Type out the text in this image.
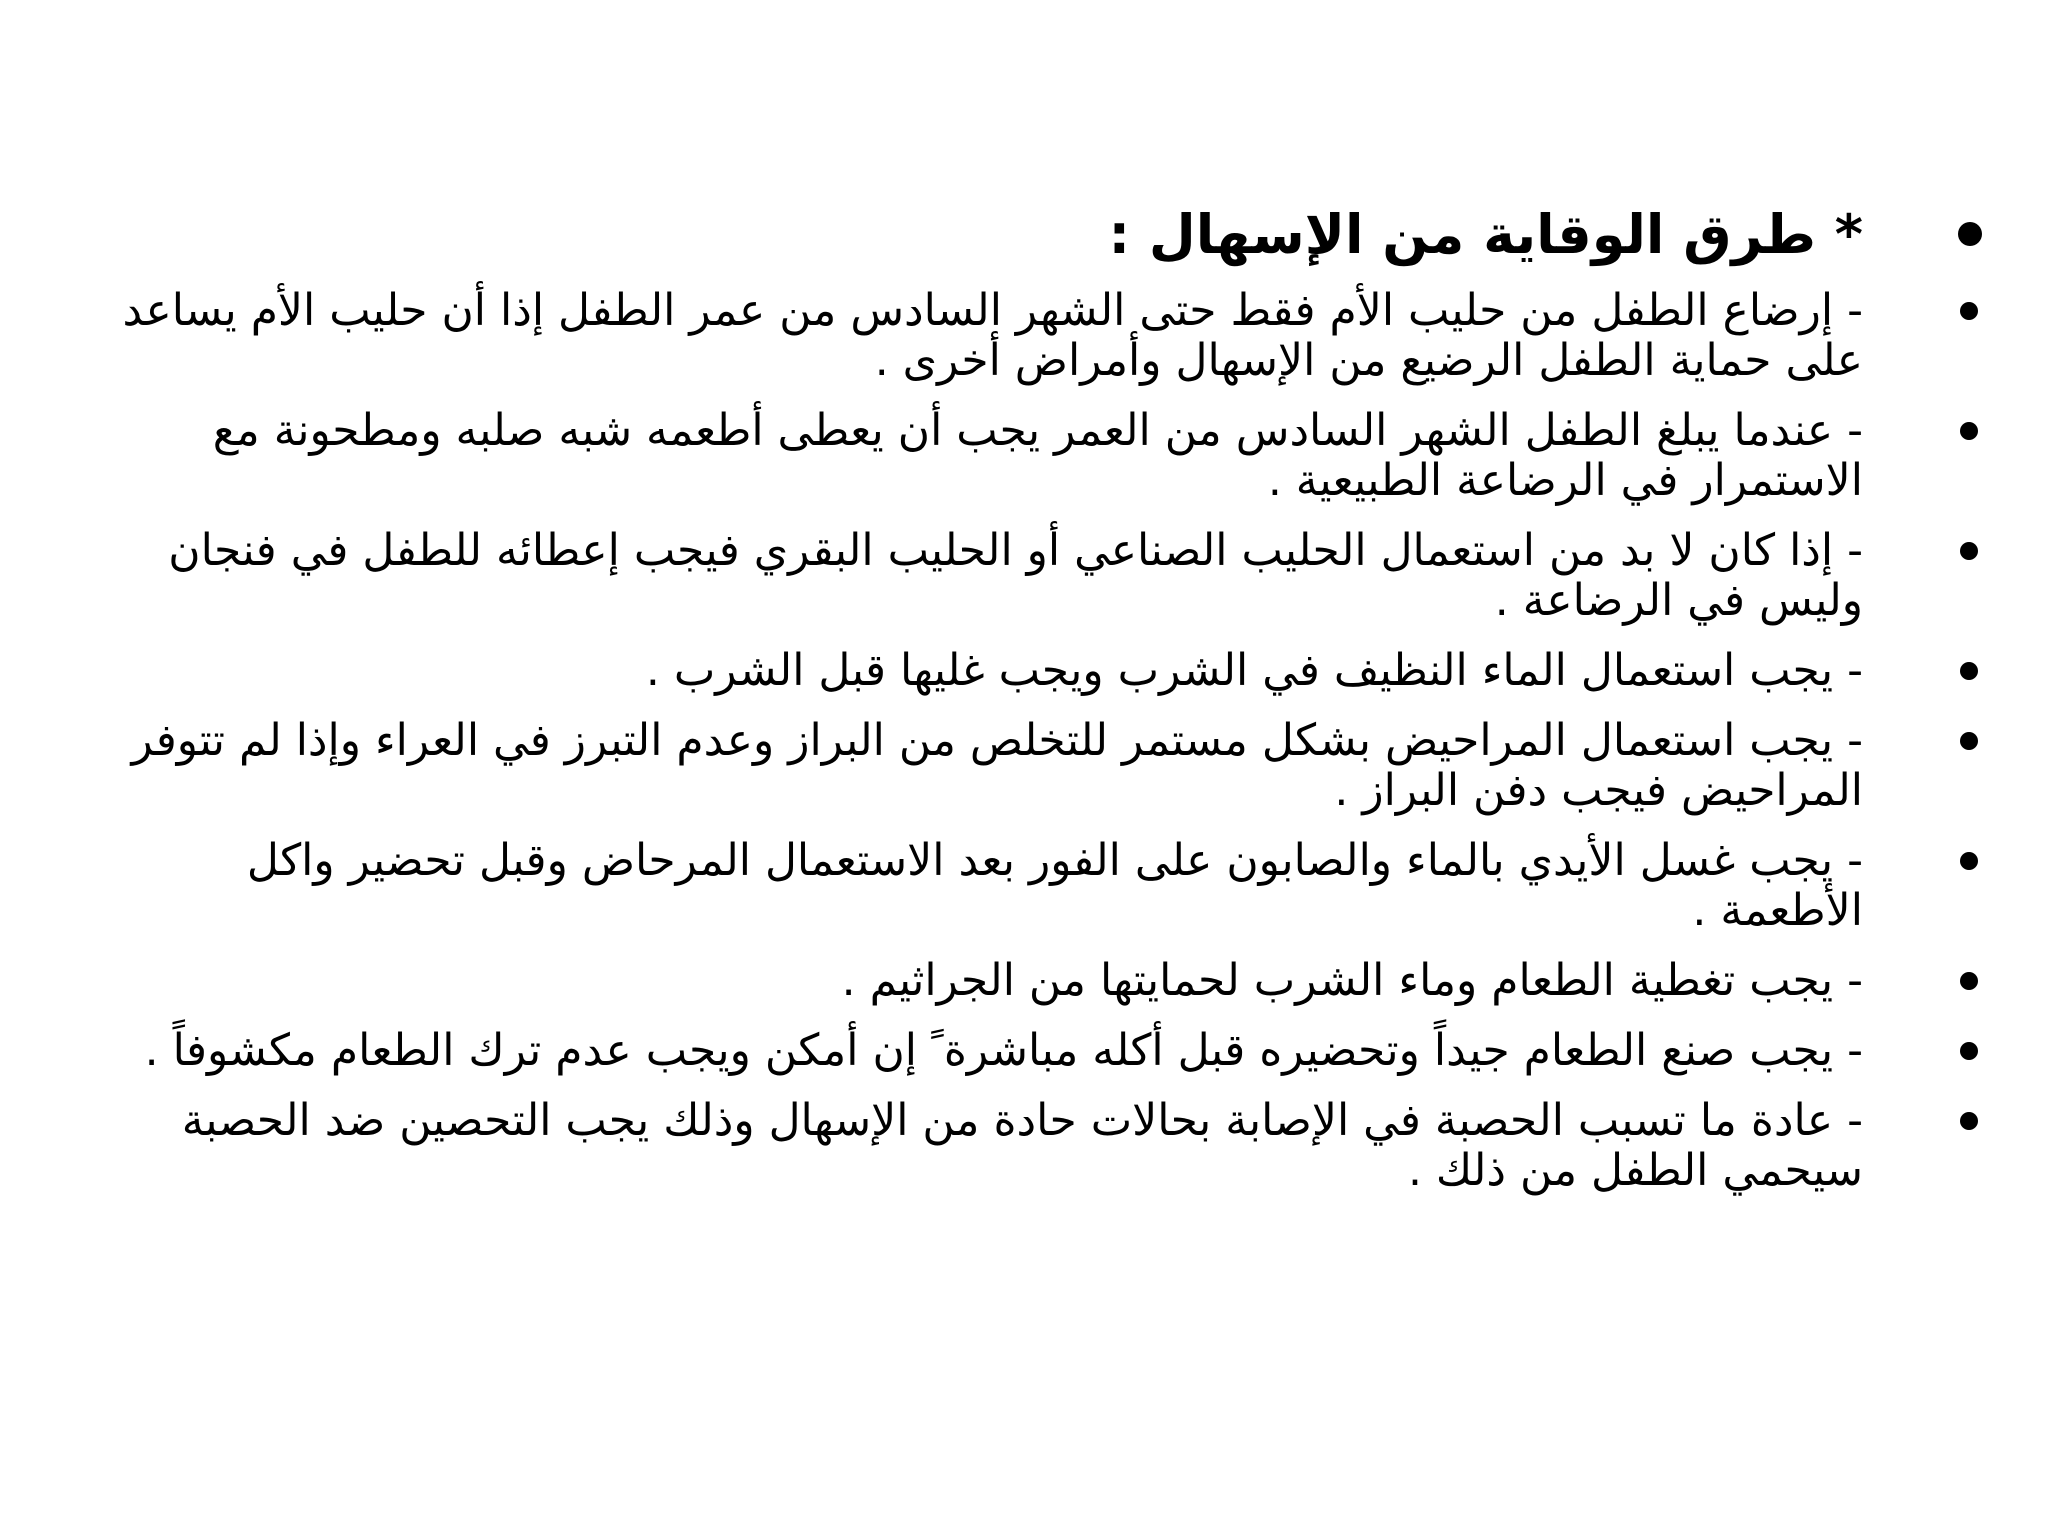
* طرق الوقاية من الإسهال :
- إرضاع الطفل من حليب الأم فقط حتى الشهر السادس من عمر الطفل إذا أن حليب الأم يساعد على حماية الطفل الرضيع من الإسهال وأمراض أخرى .
- عندما يبلغ الطفل الشهر السادس من العمر يجب أن يعطى أطعمه شبه صلبه ومطحونة مع الاستمرار في الرضاعة الطبيعية .
- إذا كان لا بد من استعمال الحليب الصناعي أو الحليب البقري فيجب إعطائه للطفل في فنجان وليس في الرضاعة .
- يجب استعمال الماء النظيف في الشرب ويجب غليها قبل الشرب .
- يجب استعمال المراحيض بشكل مستمر للتخلص من البراز وعدم التبرز في العراء وإذا لم تتوفر المراحيض فيجب دفن البراز .
- يجب غسل الأيدي بالماء والصابون على الفور بعد الاستعمال المرحاض وقبل تحضير واكل الأطعمة .
- يجب تغطية الطعام وماء الشرب لحمايتها من الجراثيم .
- يجب صنع الطعام جيداً وتحضيره قبل أكله مباشرة ً إن أمكن ويجب عدم ترك الطعام مكشوفاً .
- عادة ما تسبب الحصبة في الإصابة بحالات حادة من الإسهال وذلك يجب التحصين ضد الحصبة سيحمي الطفل من ذلك .
